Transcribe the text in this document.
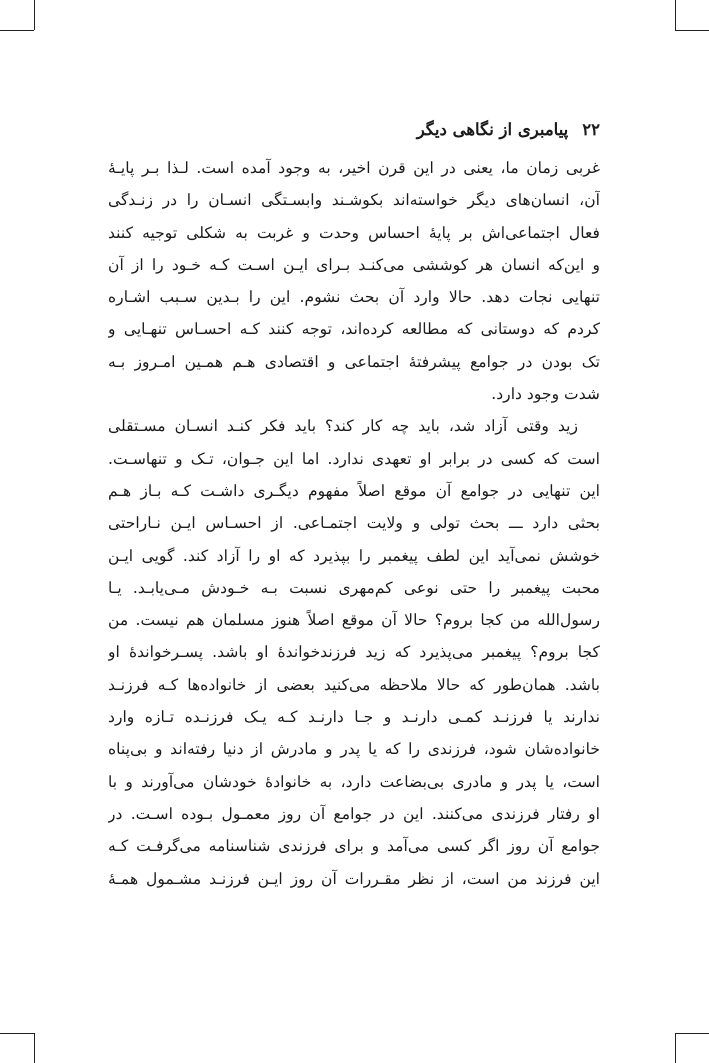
۲۲
پیامبری از نگاهی دیگر
غربی زمان ما، یعنی در این قرن اخیر، به وجود آمده است. لـذا بـر پایـهٔ
آن، انسان‌های دیگر خواسته‌اند بکوشـند وابسـتگی انسـان را در زنـدگی
فعال اجتماعی‌اش بر پایهٔ احساس وحدت و غربت به شکلی توجیه کنند
و این‌که انسان هر کوششی می‌کنـد بـرای ایـن اسـت کـه خـود را از آن
تنهایی نجات دهد. حالا وارد آن بحث نشوم. این را بـدین سـبب اشـاره
کردم که دوستانی که مطالعه کرده‌اند، توجه کنند کـه احسـاس تنهـایی و
تک بودن در جوامع پیشرفتهٔ اجتماعی و اقتصادی هـم همـین امـروز بـه
شدت وجود دارد.
زید وقتی آزاد شد، باید چه کار کند؟ باید فکر کنـد انسـان مسـتقلی
است که کسی در برابر او تعهدی ندارد. اما این جـوان، تـک و تنهاسـت.
این تنهایی در جوامع آن موقع اصلاً مفهوم دیگـری داشـت کـه بـاز هـم
بحثی دارد ـــ بحث تولی و ولایت اجتمـاعی. از احسـاس ایـن نـاراحتی
خوشش نمی‌آید این لطف پیغمبر را بپذیرد که او را آزاد کند. گویی ایـن
محبت پیغمبر را حتی نوعی کم‌مهری نسبت بـه خـودش مـی‌یابـد. یـا
رسول‌الله من کجا بروم؟ حالا آن موقع اصلاً هنوز مسلمان هم نیست. من
کجا بروم؟ پیغمبر می‌پذیرد که زید فرزندخواندهٔ او باشد. پسـرخواندهٔ او
باشد. همان‌طور که حالا ملاحظه می‌کنید بعضی از خانواده‌ها کـه فرزنـد
ندارند یا فرزنـد کمـی دارنـد و جـا دارنـد کـه یـک فرزنـده تـازه وارد
خانواده‌شان شود، فرزندی را که یا پدر و مادرش از دنیا رفته‌اند و بی‌پناه
است، یا پدر و مادری بی‌بضاعت دارد، به خانوادهٔ خودشان می‌آورند و با
او رفتار فرزندی می‌کنند. این در جوامع آن روز معمـول بـوده اسـت. در
جوامع آن روز اگر کسی می‌آمد و برای فرزندی شناسنامه می‌گرفـت کـه
این فرزند من است، از نظر مقـررات آن روز ایـن فرزنـد مشـمول همـهٔ
